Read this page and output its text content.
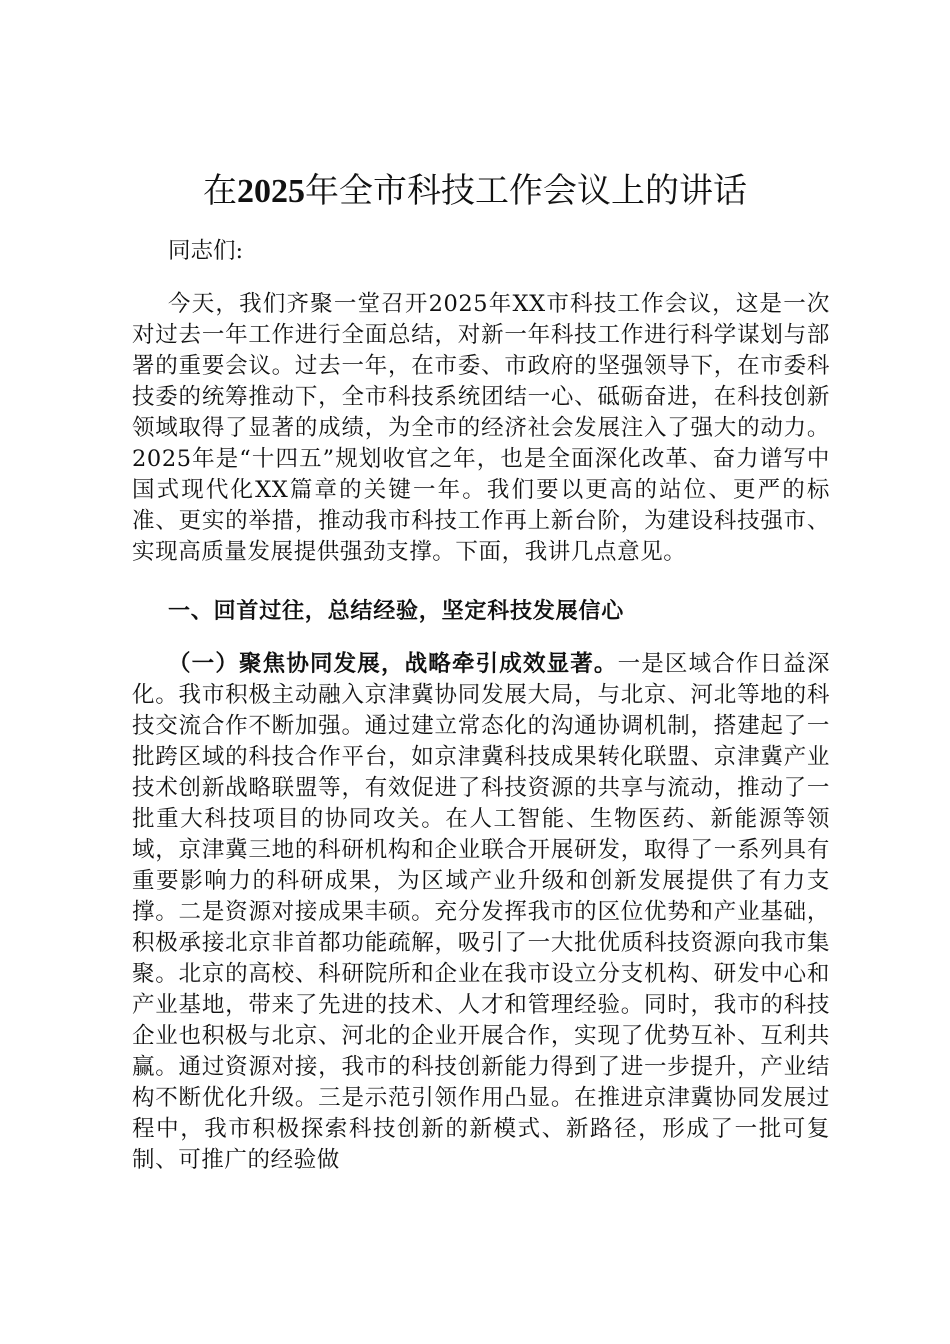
在2025年全市科技工作会议上的讲话

同志们:

今天，我们齐聚一堂召开2025年XX市科技工作会议，这是一次对过去一年工作进行全面总结，对新一年科技工作进行科学谋划与部署的重要会议。过去一年，在市委、市政府的坚强领导下，在市委科技委的统筹推动下，全市科技系统团结一心、砥砺奋进，在科技创新领域取得了显著的成绩，为全市的经济社会发展注入了强大的动力。2025年是“十四五”规划收官之年，也是全面深化改革、奋力谱写中国式现代化XX篇章的关键一年。我们要以更高的站位、更严的标准、更实的举措，推动我市科技工作再上新台阶，为建设科技强市、实现高质量发展提供强劲支撑。下面，我讲几点意见。

一、回首过往，总结经验，坚定科技发展信心

（一）聚焦协同发展，战略牵引成效显著。一是区域合作日益深化。我市积极主动融入京津冀协同发展大局，与北京、河北等地的科技交流合作不断加强。通过建立常态化的沟通协调机制，搭建起了一批跨区域的科技合作平台，如京津冀科技成果转化联盟、京津冀产业技术创新战略联盟等，有效促进了科技资源的共享与流动，推动了一批重大科技项目的协同攻关。在人工智能、生物医药、新能源等领域，京津冀三地的科研机构和企业联合开展研发，取得了一系列具有重要影响力的科研成果，为区域产业升级和创新发展提供了有力支撑。二是资源对接成果丰硕。充分发挥我市的区位优势和产业基础，积极承接北京非首都功能疏解，吸引了一大批优质科技资源向我市集聚。北京的高校、科研院所和企业在我市设立分支机构、研发中心和产业基地，带来了先进的技术、人才和管理经验。同时，我市的科技企业也积极与北京、河北的企业开展合作，实现了优势互补、互利共赢。通过资源对接，我市的科技创新能力得到了进一步提升，产业结构不断优化升级。三是示范引领作用凸显。在推进京津冀协同发展过程中，我市积极探索科技创新的新模式、新路径，形成了一批可复制、可推广的经验做
